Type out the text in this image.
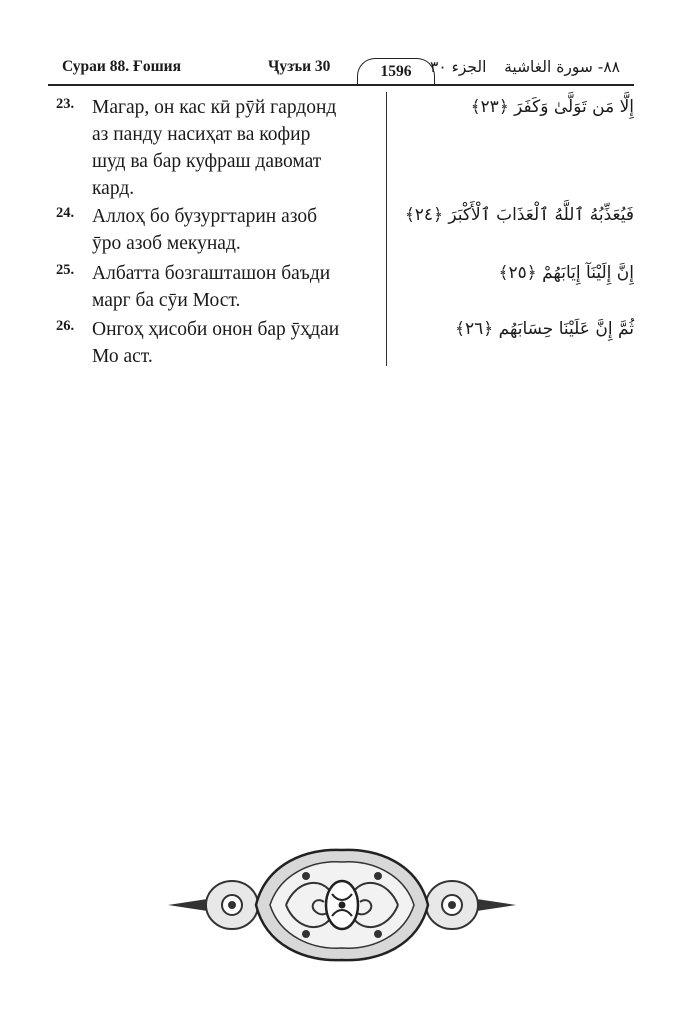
Сураи 88. Ғошия	Ҷузъи 30	1596	الجزء ٣٠ ٨٨- سورة الغاشية
23. Магар, он кас кӣ рӯй гардонд
аз панду насиҳат ва кофир
шуд ва бар куфраш давомат
кард.
إِلَّا مَن تَوَلَّىٰ وَكَفَرَ ﴿٢٣﴾
24. Аллоҳ бо бузургтарин азоб
ӯро азоб мекунад.
فَيُعَذِّبُهُ ٱللَّهُ ٱلْعَذَابَ ٱلْأَكْبَرَ ﴿٢٤﴾
25. Албатта бозгашташон баъди
марг ба сӯи Мост.
إِنَّ إِلَيْنَآ إِيَابَهُمْ ﴿٢٥﴾
26. Онгоҳ ҳисоби онон бар ӯҳдаи
Мо аст.
ثُمَّ إِنَّ عَلَيْنَا حِسَابَهُم ﴿٢٦﴾
